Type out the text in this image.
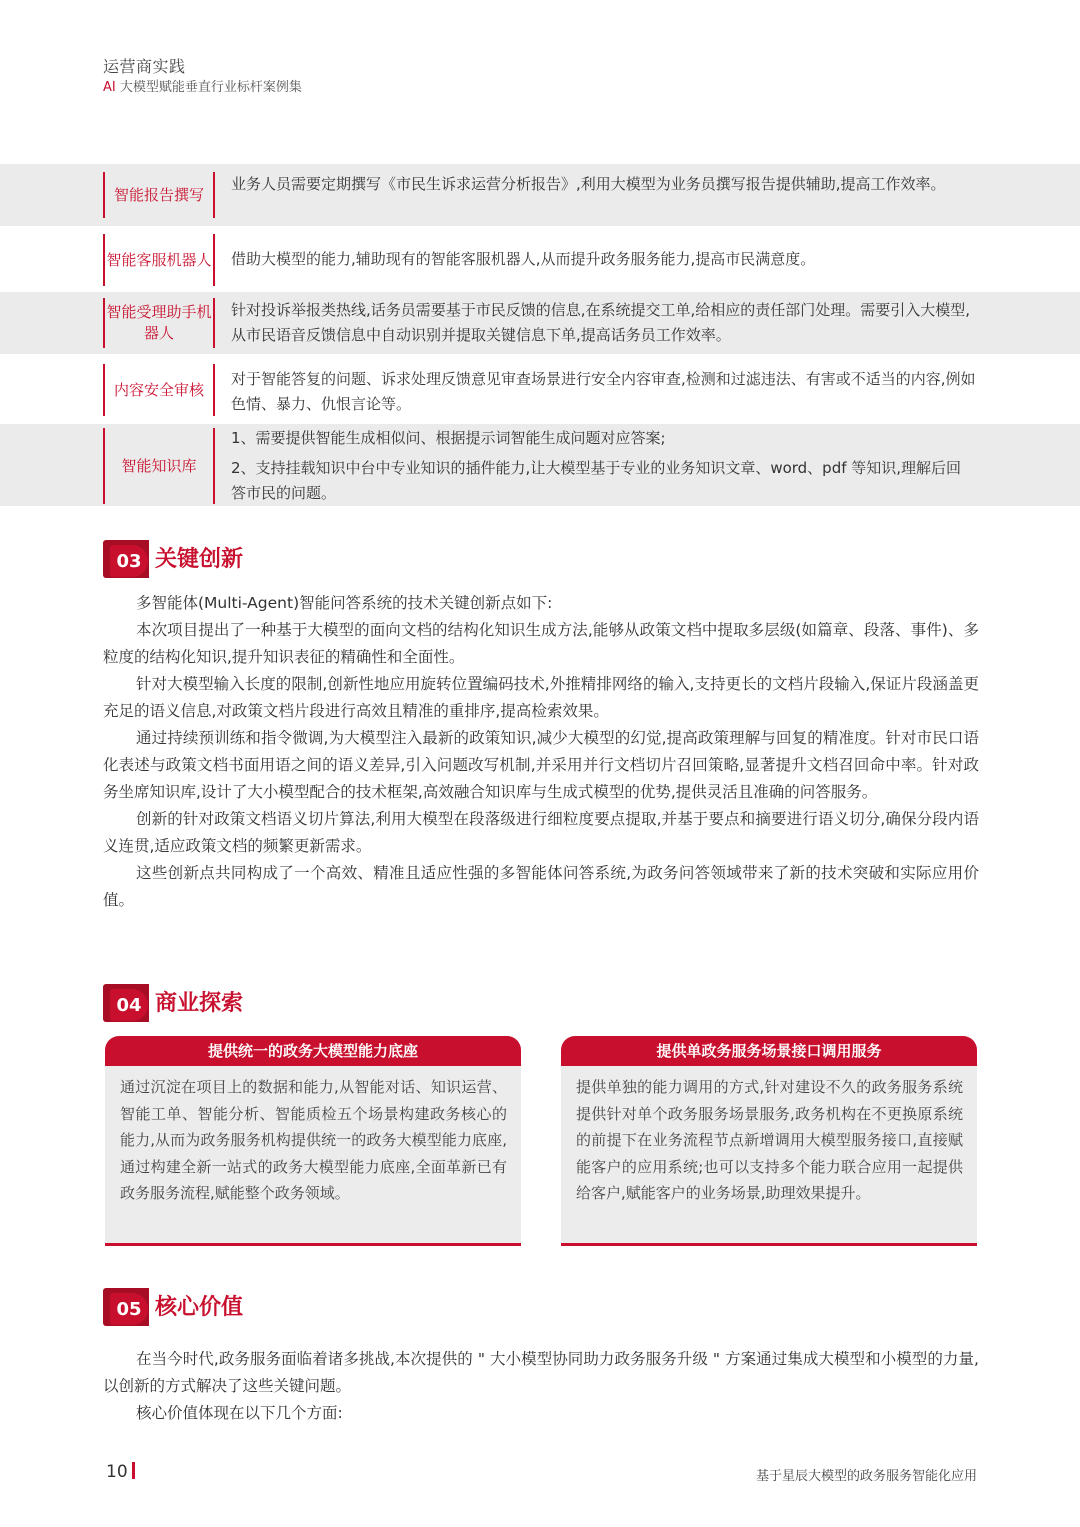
运营商实践
AI 大模型赋能垂直行业标杆案例集
智能报告撰写
业务人员需要定期撰写《市民生诉求运营分析报告》,利用大模型为业务员撰写报告提供辅助,提高工作效率。
智能客服机器人 借助大模型的能力,辅助现有的智能客服机器人,从而提升政务服务能力,提高市民满意度。
智能受理助手机器人
针对投诉举报类热线,话务员需要基于市民反馈的信息,在系统提交工单,给相应的责任部门处理。需要引入大模型,从市民语音反馈信息中自动识别并提取关键信息下单,提高话务员工作效率。
内容安全审核
对于智能答复的问题、诉求处理反馈意见审查场景进行安全内容审查,检测和过滤违法、有害或不适当的内容,例如色情、暴力、仇恨言论等。
智能知识库
1、需要提供智能生成相似问、根据提示词智能生成问题对应答案;
2、支持挂载知识中台中专业知识的插件能力,让大模型基于专业的业务知识文章、word、pdf 等知识,理解后回答市民的问题。
03 关键创新

多智能体(Multi-Agent)智能问答系统的技术关键创新点如下:

本次项目提出了一种基于大模型的面向文档的结构化知识生成方法,能够从政策文档中提取多层级(如篇章、段落、事件)、多粒度的结构化知识,提升知识表征的精确性和全面性。

针对大模型输入长度的限制,创新性地应用旋转位置编码技术,外推精排网络的输入,支持更长的文档片段输入,保证片段涵盖更充足的语义信息,对政策文档片段进行高效且精准的重排序,提高检索效果。

通过持续预训练和指令微调,为大模型注入最新的政策知识,减少大模型的幻觉,提高政策理解与回复的精准度。针对市民口语化表述与政策文档书面用语之间的语义差异,引入问题改写机制,并采用并行文档切片召回策略,显著提升文档召回命中率。针对政务坐席知识库,设计了大小模型配合的技术框架,高效融合知识库与生成式模型的优势,提供灵活且准确的问答服务。

创新的针对政策文档语义切片算法,利用大模型在段落级进行细粒度要点提取,并基于要点和摘要进行语义切分,确保分段内语义连贯,适应政策文档的频繁更新需求。

这些创新点共同构成了一个高效、精准且适应性强的多智能体问答系统,为政务问答领域带来了新的技术突破和实际应用价值。

04 商业探索
提供统一的政务大模型能力底座
通过沉淀在项目上的数据和能力,从智能对话、知识运营、智能工单、智能分析、智能质检五个场景构建政务核心的能力,从而为政务服务机构提供统一的政务大模型能力底座,通过构建全新一站式的政务大模型能力底座,全面革新已有政务服务流程,赋能整个政务领域。
提供单政务服务场景接口调用服务
提供单独的能力调用的方式,针对建设不久的政务服务系统提供针对单个政务服务场景服务,政务机构在不更换原系统的前提下在业务流程节点新增调用大模型服务接口,直接赋能客户的应用系统;也可以支持多个能力联合应用一起提供给客户,赋能客户的业务场景,助理效果提升。
05 核心价值

在当今时代,政务服务面临着诸多挑战,本次提供的 " 大小模型协同助力政务服务升级 " 方案通过集成大模型和小模型的力量,以创新的方式解决了这些关键问题。

核心价值体现在以下几个方面:

10	基于星辰大模型的政务服务智能化应用
